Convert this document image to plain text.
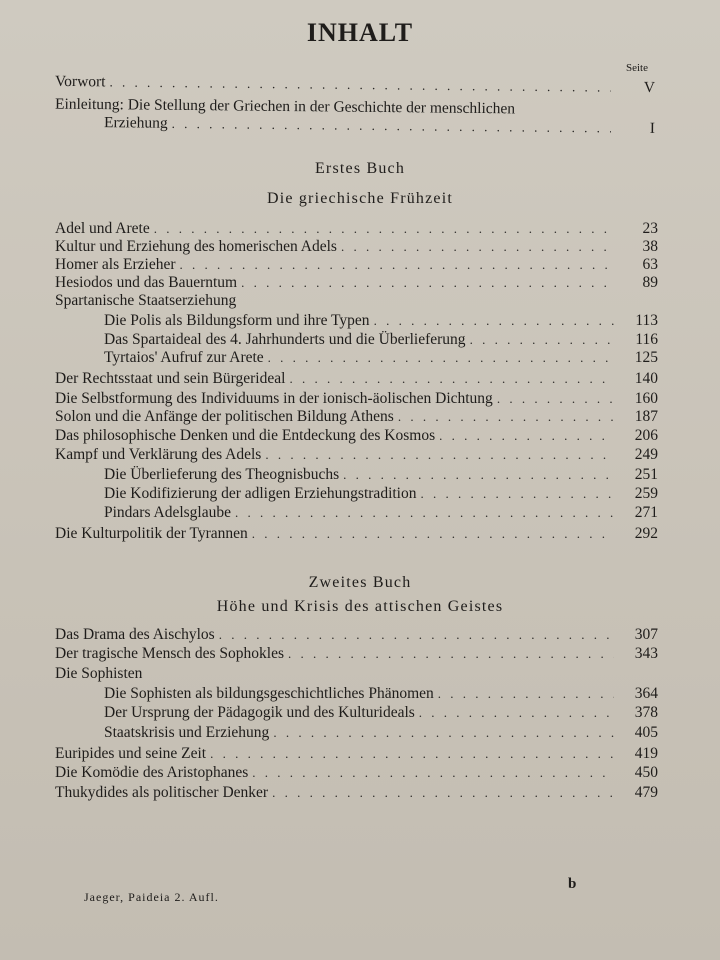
INHALT
Seite
Vorwort . . .	V
Einleitung: Die Stellung der Griechen in der Geschichte der menschlichen
Erziehung . . .	I
Erstes Buch
Die griechische Frühzeit
Adel und Arete . . .	23
Kultur und Erziehung des homerischen Adels . . .	38
Homer als Erzieher . . .	63
Hesiodos und das Bauerntum . . .	89
Spartanische Staatserziehung
Die Polis als Bildungsform und ihre Typen . . .	113
Das Spartaideal des 4. Jahrhunderts und die Überlieferung . . .	116
Tyrtaios' Aufruf zur Arete . . .	125
Der Rechtsstaat und sein Bürgerideal . . .	140
Die Selbstformung des Individuums in der ionisch-äolischen Dichtung . . .	160
Solon und die Anfänge der politischen Bildung Athens . . .	187
Das philosophische Denken und die Entdeckung des Kosmos . . .	206
Kampf und Verklärung des Adels . . .	249
Die Überlieferung des Theognisbuchs . . .	251
Die Kodifizierung der adligen Erziehungstradition . . .	259
Pindars Adelsglaube . . .	271
Die Kulturpolitik der Tyrannen . . .	292
Zweites Buch
Höhe und Krisis des attischen Geistes
Das Drama des Aischylos . . .	307
Der tragische Mensch des Sophokles . . .	343
Die Sophisten
Die Sophisten als bildungsgeschichtliches Phänomen . . .	364
Der Ursprung der Pädagogik und des Kulturideals . . .	378
Staatskrisis und Erziehung . . .	405
Euripides und seine Zeit . . .	419
Die Komödie des Aristophanes . . .	450
Thukydides als politischer Denker . . .	479
Jaeger, Paideia 2. Aufl.
b
